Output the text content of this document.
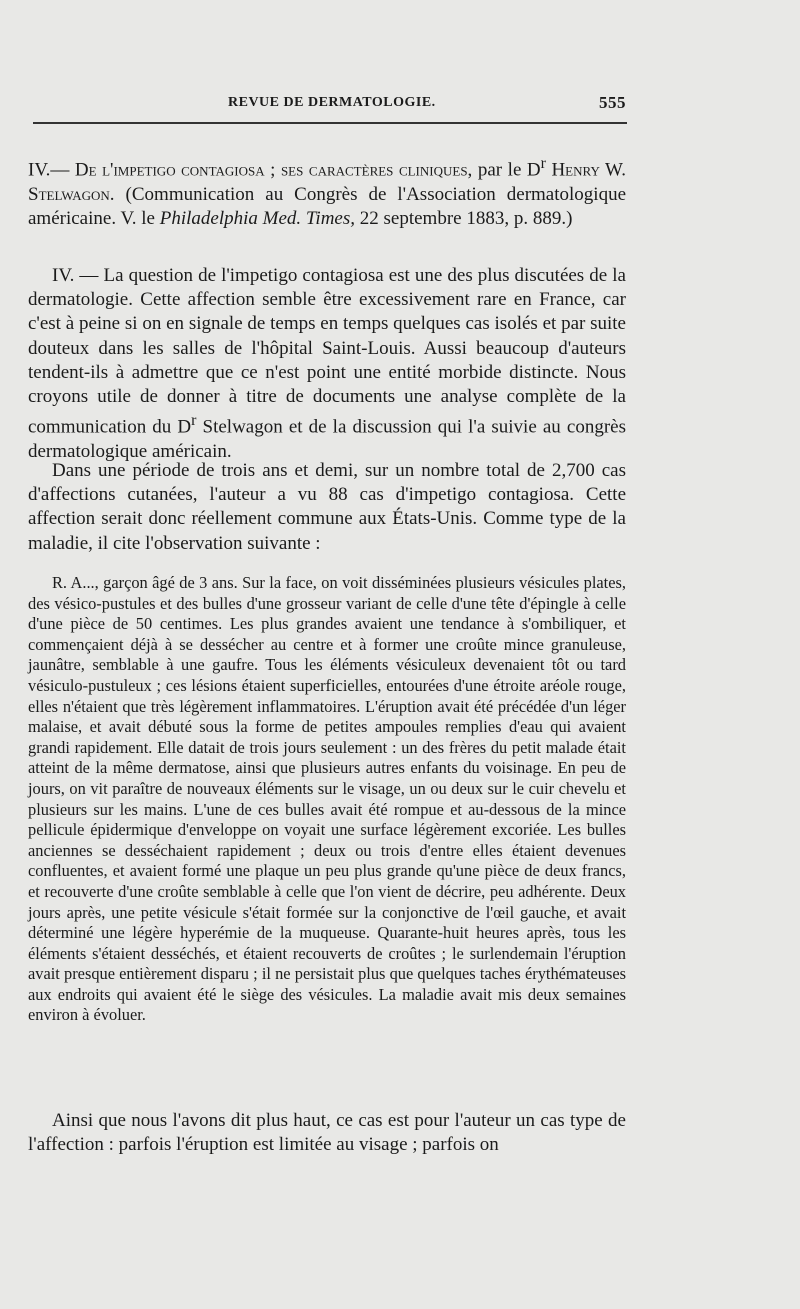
REVUE DE DERMATOLOGIE.	555

IV.— De l'impetigo contagiosa ; ses caractères cliniques, par le $D^r$ Henry W. Stelwagon. (Communication au Congrès de l'Association dermatologique américaine. V. le Philadelphia Med. Times, 22 septembre 1883, p. 889.)

IV. — La question de l'impetigo contagiosa est une des plus discutées de la dermatologie. Cette affection semble être excessivement rare en France, car c'est à peine si on en signale de temps en temps quelques cas isolés et par suite douteux dans les salles de l'hôpital Saint-Louis. Aussi beaucoup d'auteurs tendent-ils à admettre que ce n'est point une entité morbide distincte. Nous croyons utile de donner à titre de documents une analyse complète de la communication du $D^r$ Stelwagon et de la discussion qui l'a suivie au congrès dermatologique américain.

Dans une période de trois ans et demi, sur un nombre total de 2,700 cas d'affections cutanées, l'auteur a vu 88 cas d'impetigo contagiosa. Cette affection serait donc réellement commune aux États-Unis. Comme type de la maladie, il cite l'observation suivante :

R. A..., garçon âgé de 3 ans. Sur la face, on voit disséminées plusieurs vésicules plates, des vésico-pustules et des bulles d'une grosseur variant de celle d'une tête d'épingle à celle d'une pièce de 50 centimes. Les plus grandes avaient une tendance à s'ombiliquer, et commençaient déjà à se dessécher au centre et à former une croûte mince granuleuse, jaunâtre, semblable à une gaufre. Tous les éléments vésiculeux devenaient tôt ou tard vésiculo-pustuleux ; ces lésions étaient superficielles, entourées d'une étroite aréole rouge, elles n'étaient que très légèrement inflammatoires. L'éruption avait été précédée d'un léger malaise, et avait débuté sous la forme de petites ampoules remplies d'eau qui avaient grandi rapidement. Elle datait de trois jours seulement : un des frères du petit malade était atteint de la même dermatose, ainsi que plusieurs autres enfants du voisinage. En peu de jours, on vit paraître de nouveaux éléments sur le visage, un ou deux sur le cuir chevelu et plusieurs sur les mains. L'une de ces bulles avait été rompue et au-dessous de la mince pellicule épidermique d'enveloppe on voyait une surface légèrement excoriée. Les bulles anciennes se desséchaient rapidement ; deux ou trois d'entre elles étaient devenues confluentes, et avaient formé une plaque un peu plus grande qu'une pièce de deux francs, et recouverte d'une croûte semblable à celle que l'on vient de décrire, peu adhérente. Deux jours après, une petite vésicule s'était formée sur la conjonctive de l'œil gauche, et avait déterminé une légère hyperémie de la muqueuse. Quarante-huit heures après, tous les éléments s'étaient desséchés, et étaient recouverts de croûtes ; le surlendemain l'éruption avait presque entièrement disparu ; il ne persistait plus que quelques taches érythémateuses aux endroits qui avaient été le siège des vésicules. La maladie avait mis deux semaines environ à évoluer.

Ainsi que nous l'avons dit plus haut, ce cas est pour l'auteur un cas type de l'affection : parfois l'éruption est limitée au visage ; parfois on
